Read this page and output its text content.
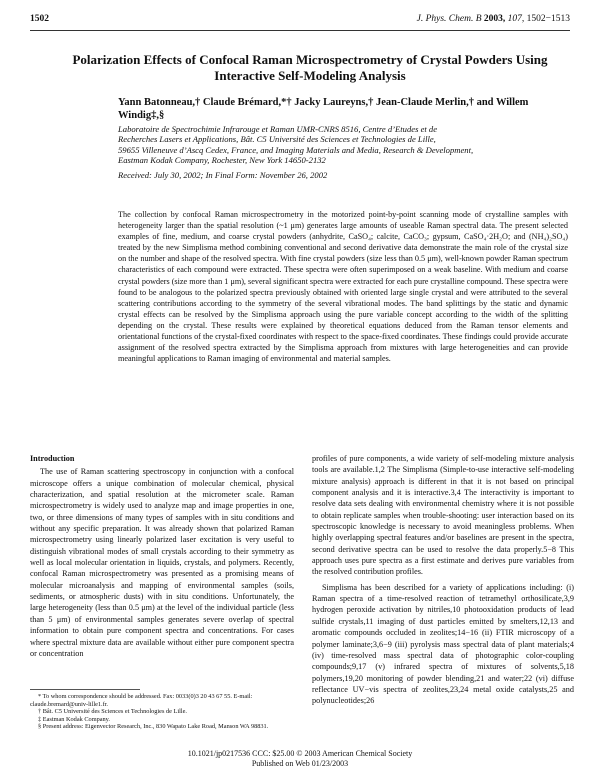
1502	J. Phys. Chem. B 2003, 107, 1502−1513
Polarization Effects of Confocal Raman Microspectrometry of Crystal Powders Using Interactive Self-Modeling Analysis
Yann Batonneau,† Claude Brémard,*† Jacky Laureyns,† Jean-Claude Merlin,† and Willem Windig‡,§
Laboratoire de Spectrochimie Infrarouge et Raman UMR-CNRS 8516, Centre d’Etudes et de
Recherches Lasers et Applications, Bât. C5 Université des Sciences et Technologies de Lille,
59655 Villeneuve d’Ascq Cedex, France, and Imaging Materials and Media, Research & Development,
Eastman Kodak Company, Rochester, New York 14650-2132
Received: July 30, 2002; In Final Form: November 26, 2002
The collection by confocal Raman microspectrometry in the motorized point-by-point scanning mode of crystalline samples with heterogeneity larger than the spatial resolution (~1 μm) generates large amounts of useable Raman spectral data. The present selected examples of fine, medium, and coarse crystal powders (anhydrite, CaSO₄; calcite, CaCO₃; gypsum, CaSO₄·2H₂O; and (NH₄)₂SO₄) treated by the new Simplisma method combining conventional and second derivative data demonstrate the main role of the crystal size on the number and shape of the resolved spectra. With fine crystal powders (size less than 0.5 μm), well-known powder Raman spectrum characteristics of each compound were extracted. These spectra were often superimposed on a weak baseline. With medium and coarse crystal powders (size more than 1 μm), several significant spectra were extracted for each pure crystalline compound. These spectra were found to be analogous to the polarized spectra previously obtained with oriented large single crystal and were attributed to the several scattering contributions according to the symmetry of the several vibrational modes. The band splittings by the static and dynamic crystal effects can be resolved by the Simplisma approach using the pure variable concept according to the width of the splitting depending on the crystal. These results were explained by theoretical equations deduced from the Raman tensor elements and orientational functions of the crystal-fixed coordinates with respect to the space-fixed coordinates. These findings could provide accurate assignment of the resolved spectra extracted by the Simplisma approach from mixtures with large heterogeneities and can provide meaningful applications to Raman imaging of environmental and material samples.
Introduction

The use of Raman scattering spectroscopy in conjunction with a confocal microscope offers a unique combination of molecular chemical, physical characterization, and spatial resolution at the micrometer scale. Raman microspectrometry is widely used to analyze map and image properties in one, two, or three dimensions of many types of samples with in situ conditions and without any specific preparation. It was already shown that polarized Raman microspectrometry using linearly polarized laser excitation is very useful to distinguish vibrational modes of small crystals according to their symmetry as well as local molecular orientation in liquids, crystals, and polymers. Recently, confocal Raman microspectrometry was presented as a promising means of molecular microanalysis and mapping of environmental samples (soils, sediments, or atmospheric dusts) with in situ conditions. Unfortunately, the large heterogeneity (less than 0.5 μm) at the level of the individual particle (less than 5 μm) of environmental samples generates severe overlap of spectral information to obtain pure component spectra and concentrations. For cases where spectral mixture data are available without either pure component spectra or concentration

profiles of pure components, a wide variety of self-modeling mixture analysis tools are available.1,2 The Simplisma (Simple-to-use interactive self-modeling mixture analysis) approach is different in that it is not based on principal component analysis and it is interactive.3,4 The interactivity is important to resolve data sets dealing with environmental chemistry where it is not possible to obtain replicate samples when trouble-shooting: user interaction based on its spectroscopic knowledge is necessary to avoid meaningless problems. When highly overlapping spectral features and/or baselines are present in the spectra, second derivative spectra can be used to resolve the data properly.5−8 This approach uses pure spectra as a first estimate and derives pure variables from the resolved contribution profiles.

Simplisma has been described for a variety of applications including: (i) Raman spectra of a time-resolved reaction of tetramethyl orthosilicate,3,9 hydrogen peroxide activation by nitriles,10 photooxidation products of lead sulfide crystals,11 imaging of dust particles emitted by smelters,12,13 and aromatic compounds occluded in zeolites;14−16 (ii) FTIR microscopy of a polymer laminate;3,6−9 (iii) pyrolysis mass spectral data of plant materials;4 (iv) time-resolved mass spectral data of photographic color-coupling compounds;9,17 (v) infrared spectra of mixtures of solvents,5,18 polymers,19,20 monitoring of powder blending,21 and water;22 (vi) diffuse reflectance UV−vis spectra of zeolites,23,24 metal oxide catalysts,25 and polynucleotides;26

* To whom correspondence should be addressed. Fax: 0033(0)3 20 43 67 55. E-mail: claude.bremard@univ-lille1.fr.
† Bât. C5 Université des Sciences et Technologies de Lille.
‡ Eastman Kodak Company.
§ Present address: Eigenvector Research, Inc., 830 Wapato Lake Road, Manson WA 98831.
10.1021/jp0217536 CCC: $25.00 © 2003 American Chemical Society
Published on Web 01/23/2003
